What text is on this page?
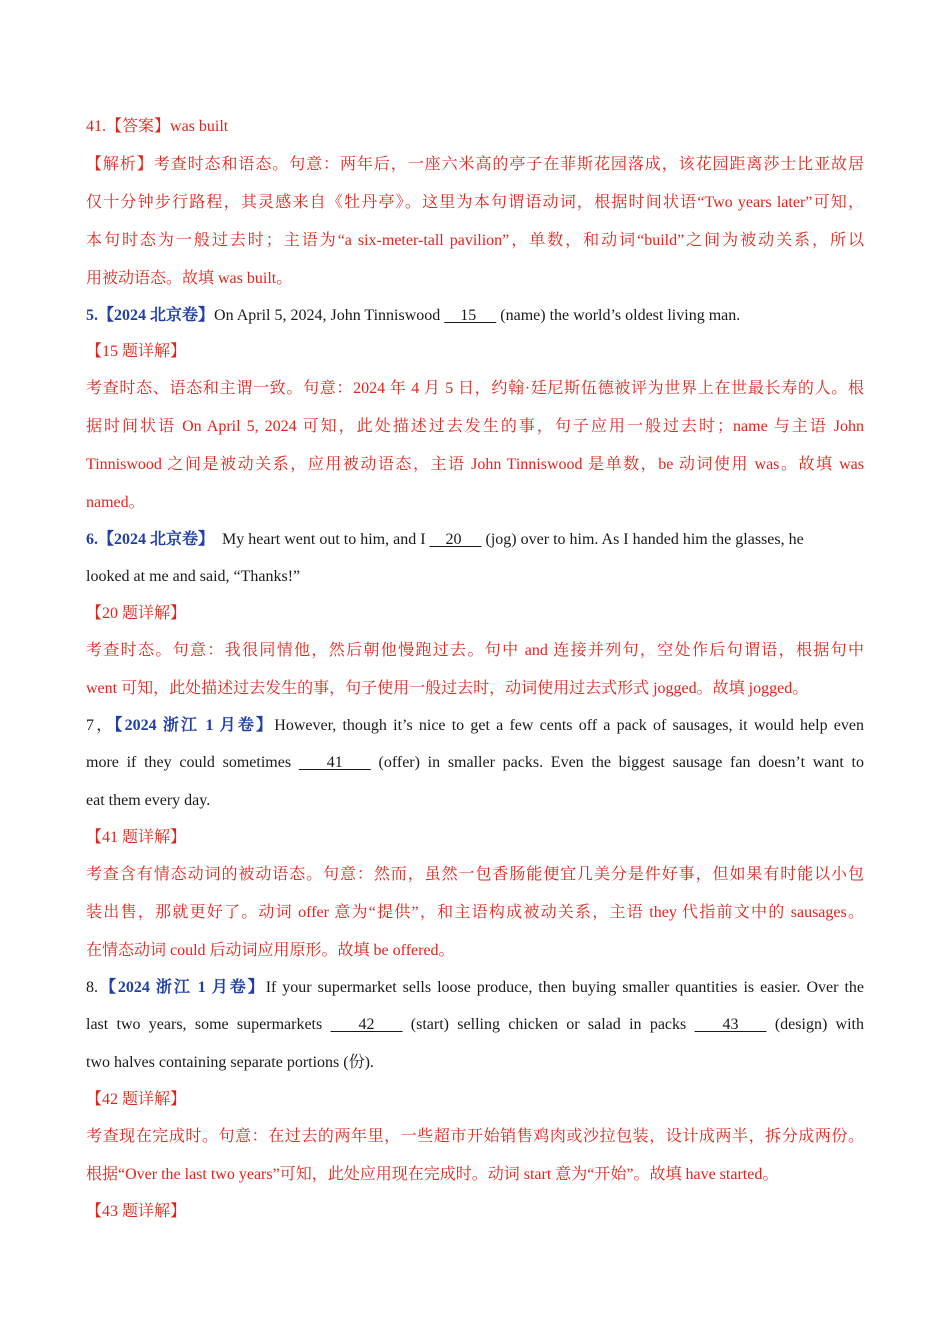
41.【答案】was built
【解析】考查时态和语态。句意：两年后，一座六米高的亭子在菲斯花园落成，该花园距离莎士比亚故居
仅十分钟步行路程，其灵感来自《牡丹亭》。这里为本句谓语动词，根据时间状语“Two years later”可知，
本句时态为一般过去时；主语为“a six-meter-tall pavilion”，单数，和动词“build”之间为被动关系，所以
用被动语态。故填 was built。
5.【2024 北京卷】On April 5, 2024, John Tinniswood     15      (name) the world’s oldest living man.
【15 题详解】
考查时态、语态和主谓一致。句意：2024 年 4 月 5 日，约翰·廷尼斯伍德被评为世界上在世最长寿的人。根
据时间状语 On April 5, 2024 可知，此处描述过去发生的事，句子应用一般过去时；name 与主语 John
Tinniswood 之间是被动关系，应用被动语态，主语 John Tinniswood 是单数，be 动词使用 was。故填 was
named。
6.【2024 北京卷】  My heart went out to him, and I     20      (jog) over to him. As I handed him the glasses, he
looked at me and said, “Thanks!”
【20 题详解】
考查时态。句意：我很同情他，然后朝他慢跑过去。句中 and 连接并列句，空处作后句谓语，根据句中
went 可知，此处描述过去发生的事，句子使用一般过去时，动词使用过去式形式 jogged。故填 jogged。
7，【2024 浙江 1 月卷】However, though it’s nice to get a few cents off a pack of sausages, it would help even
more if they could sometimes        41        (offer) in smaller packs. Even the biggest sausage fan doesn’t want to
eat them every day.
【41 题详解】
考查含有情态动词的被动语态。句意：然而，虽然一包香肠能便宜几美分是件好事，但如果有时能以小包
装出售，那就更好了。动词 offer 意为“提供”，和主语构成被动关系，主语 they 代指前文中的 sausages。
在情态动词 could 后动词应用原形。故填 be offered。
8.【2024 浙江 1 月卷】If your supermarket sells loose produce, then buying smaller quantities is easier. Over the
last two years, some supermarkets        42        (start) selling chicken or salad in packs        43        (design) with
two halves containing separate portions (份).
【42 题详解】
考查现在完成时。句意：在过去的两年里，一些超市开始销售鸡肉或沙拉包装，设计成两半，拆分成两份。
根据“Over the last two years”可知，此处应用现在完成时。动词 start 意为“开始”。故填 have started。
【43 题详解】
